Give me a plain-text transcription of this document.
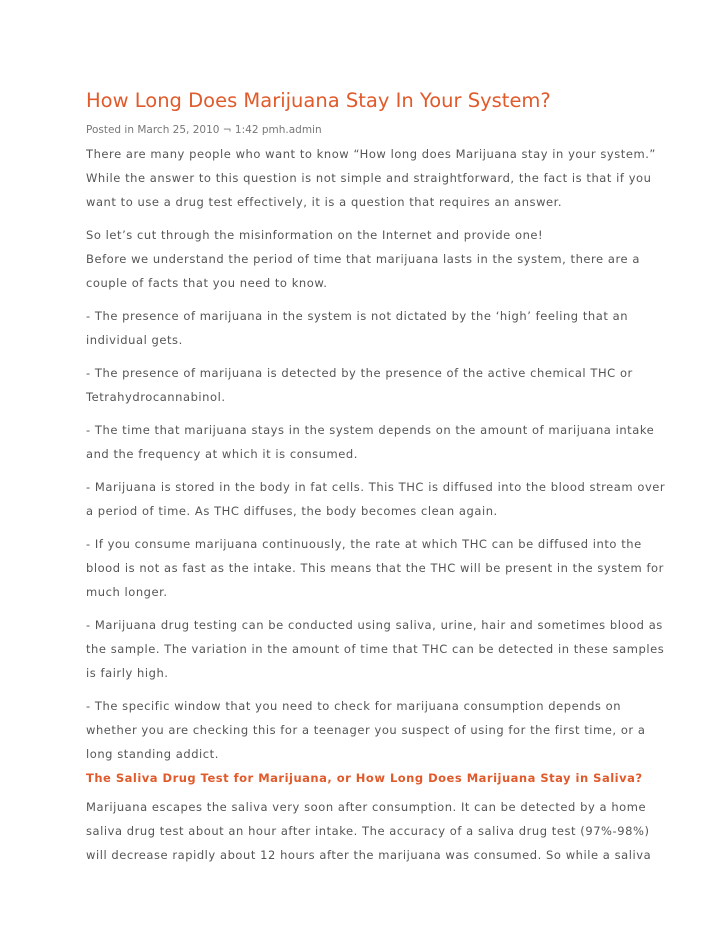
How Long Does Marijuana Stay In Your System?
Posted in March 25, 2010 ¬ 1:42 pmh.admin

There are many people who want to know “How long does Marijuana stay in your system.”

While the answer to this question is not simple and straightforward, the fact is that if you

want to use a drug test effectively, it is a question that requires an answer.

So let’s cut through the misinformation on the Internet and provide one!

Before we understand the period of time that marijuana lasts in the system, there are a

couple of facts that you need to know.

- The presence of marijuana in the system is not dictated by the ‘high’ feeling that an

individual gets.

- The presence of marijuana is detected by the presence of the active chemical THC or

Tetrahydrocannabinol.

- The time that marijuana stays in the system depends on the amount of marijuana intake

and the frequency at which it is consumed.

- Marijuana is stored in the body in fat cells. This THC is diffused into the blood stream over

a period of time. As THC diffuses, the body becomes clean again.

- If you consume marijuana continuously, the rate at which THC can be diffused into the

blood is not as fast as the intake. This means that the THC will be present in the system for

much longer.

- Marijuana drug testing can be conducted using saliva, urine, hair and sometimes blood as

the sample. The variation in the amount of time that THC can be detected in these samples

is fairly high.

- The specific window that you need to check for marijuana consumption depends on

whether you are checking this for a teenager you suspect of using for the first time, or a

long standing addict.

The Saliva Drug Test for Marijuana, or How Long Does Marijuana Stay in Saliva?

Marijuana escapes the saliva very soon after consumption. It can be detected by a home

saliva drug test about an hour after intake. The accuracy of a saliva drug test (97%-98%)

will decrease rapidly about 12 hours after the marijuana was consumed. So while a saliva
